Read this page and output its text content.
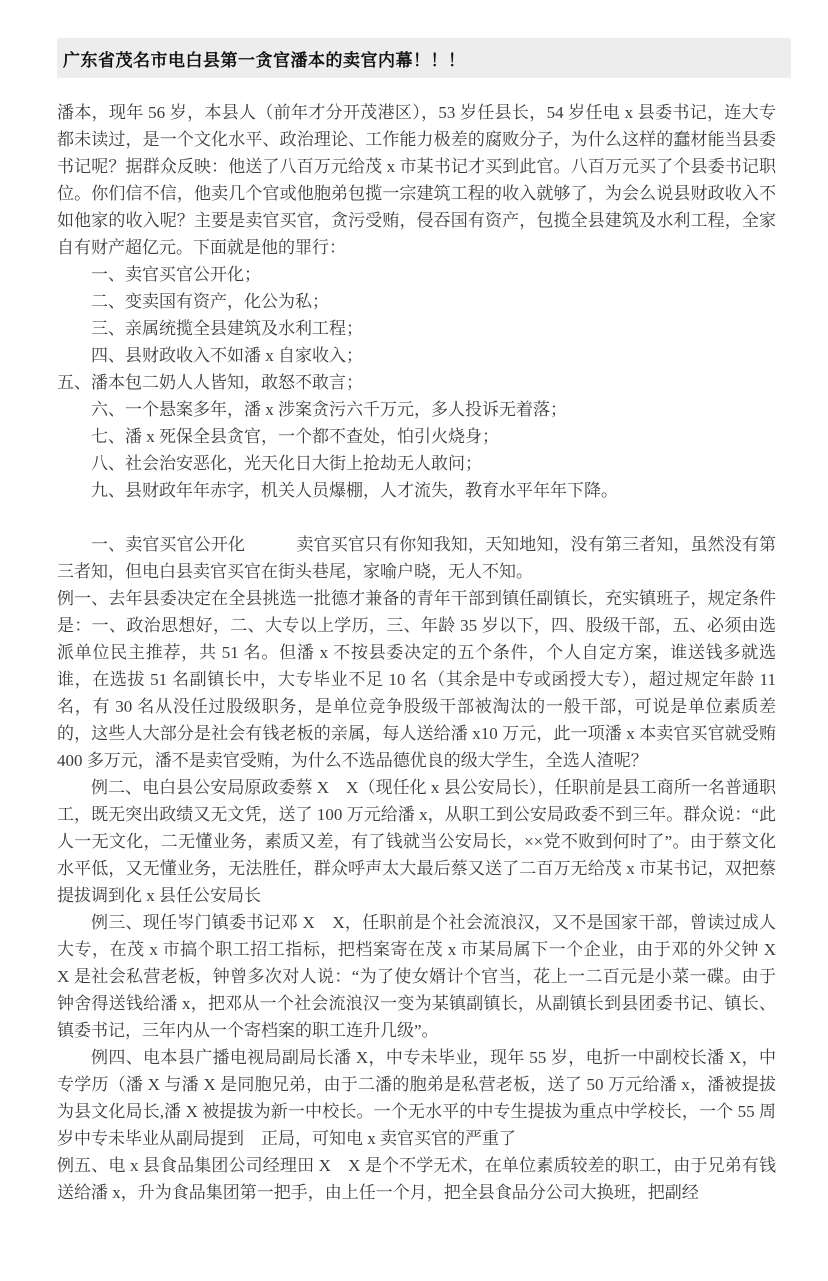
广东省茂名市电白县第一贪官潘本的卖官内幕！！！

潘本，现年 56 岁，本县人（前年才分开茂港区），53 岁任县长，54 岁任电 x 县委书记，连大专都未读过，是一个文化水平、政治理论、工作能力极差的腐败分子，为什么这样的蠢材能当县委书记呢？据群众反映：他送了八百万元给茂 x 市某书记才买到此官。八百万元买了个县委书记职位。你们信不信，他卖几个官或他胞弟包揽一宗建筑工程的收入就够了，为会么说县财政收入不如他家的收入呢？主要是卖官买官，贪污受贿，侵吞国有资产，包揽全县建筑及水利工程，全家自有财产超亿元。下面就是他的罪行：

一、卖官买官公开化；

二、变卖国有资产，化公为私；

三、亲属统揽全县建筑及水利工程；

四、县财政收入不如潘 x 自家收入；

五、潘本包二奶人人皆知，敢怒不敢言；

六、一个悬案多年，潘 x 涉案贪污六千万元，多人投诉无着落；

七、潘 x 死保全县贪官，一个都不查处，怕引火烧身；

八、社会治安恶化，光天化日大街上抢劫无人敢问；

九、县财政年年赤字，机关人员爆棚，人才流失，教育水平年年下降。

一、卖官买官公开化　　　卖官买官只有你知我知，天知地知，没有第三者知，虽然没有第三者知，但电白县卖官买官在街头巷尾，家喻户晓，无人不知。

例一、去年县委决定在全县挑选一批德才兼备的青年干部到镇任副镇长，充实镇班子，规定条件是：一、政治思想好，二、大专以上学历，三、年龄 35 岁以下，四、股级干部，五、必须由选派单位民主推荐，共 51 名。但潘 x 不按县委决定的五个条件，个人自定方案，谁送钱多就选谁，在选拔 51 名副镇长中，大专毕业不足 10 名（其余是中专或函授大专），超过规定年龄 11 名，有 30 名从没任过股级职务，是单位竞争股级干部被淘汰的一般干部，可说是单位素质差的，这些人大部分是社会有钱老板的亲属，每人送给潘 x10 万元，此一项潘 x 本卖官买官就受贿 400 多万元，潘不是卖官受贿，为什么不选品德优良的级大学生，全选人渣呢？

例二、电白县公安局原政委蔡 X　X（现任化 x 县公安局长），任职前是县工商所一名普通职工，既无突出政绩又无文凭，送了 100 万元给潘 x，从职工到公安局政委不到三年。群众说：“此人一无文化，二无懂业务，素质又差，有了钱就当公安局长，××党不败到何时了”。由于蔡文化水平低，又无懂业务，无法胜任，群众呼声太大最后蔡又送了二百万无给茂 x 市某书记，双把蔡提拔调到化 x 县任公安局长

例三、现任岑门镇委书记邓 X　X，任职前是个社会流浪汉，又不是国家干部，曾读过成人大专，在茂 x 市搞个职工招工指标，把档案寄在茂 x 市某局属下一个企业，由于邓的外父钟 X　X 是社会私营老板，钟曾多次对人说：“为了使女婿计个官当，花上一二百元是小菜一碟。由于钟舍得送钱给潘 x，把邓从一个社会流浪汉一变为某镇副镇长，从副镇长到县团委书记、镇长、镇委书记，三年内从一个寄档案的职工连升几级”。

例四、电本县广播电视局副局长潘 X，中专未毕业，现年 55 岁，电折一中副校长潘 X，中专学历（潘 X 与潘 X 是同胞兄弟，由于二潘的胞弟是私营老板，送了 50 万元给潘 x，潘被提拔为县文化局长,潘 X 被提拔为新一中校长。一个无水平的中专生提拔为重点中学校长，一个 55 周岁中专未毕业从副局提到　正局，可知电 x 卖官买官的严重了

例五、电 x 县食品集团公司经理田 X　X 是个不学无术，在单位素质较差的职工，由于兄弟有钱送给潘 x，升为食品集团第一把手，由上任一个月，把全县食品分公司大换班，把副经
